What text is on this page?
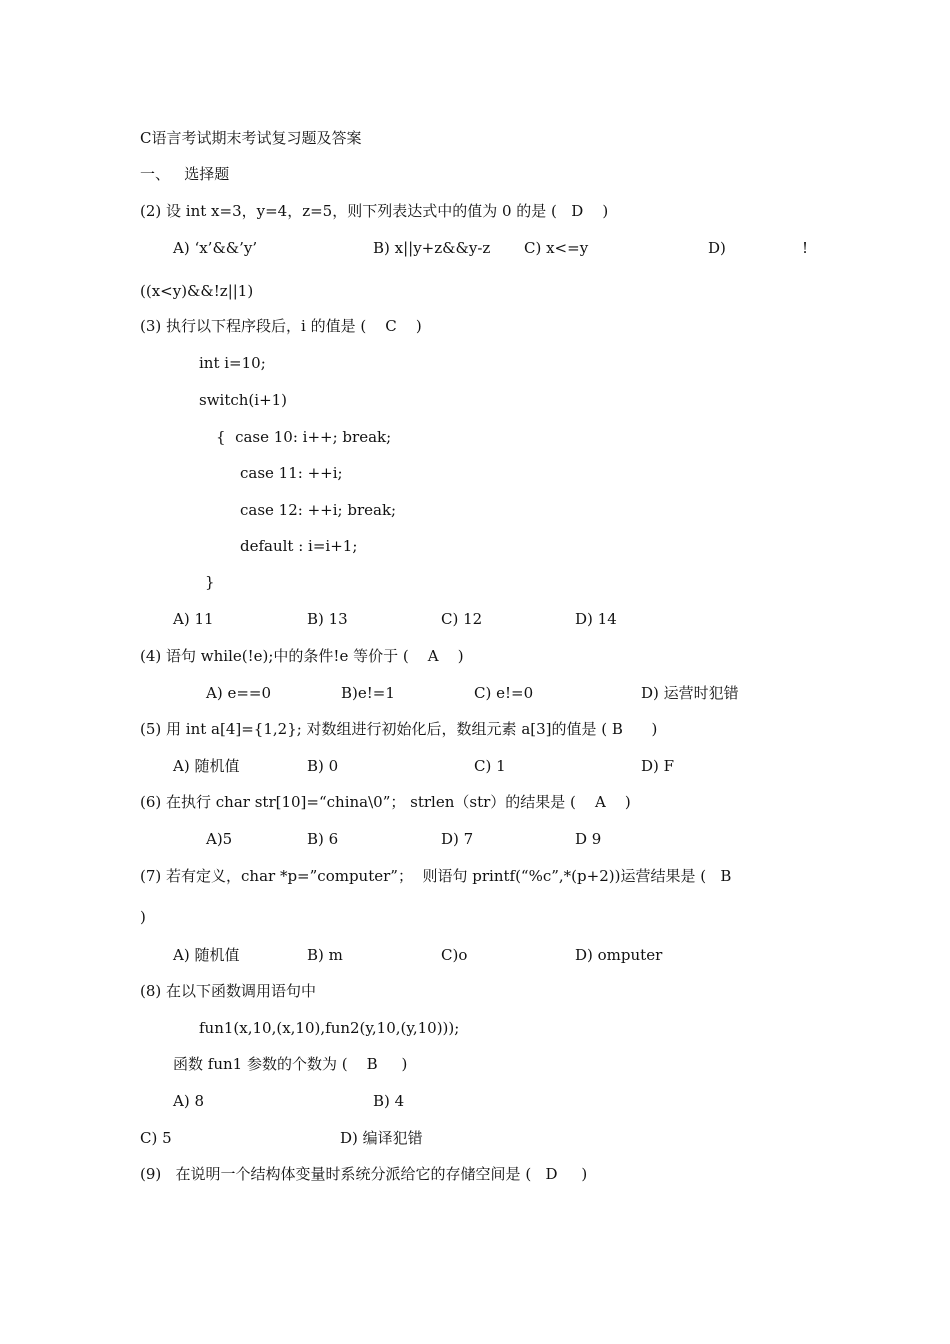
C语言考试期末考试复习题及答案
一、   选择题
(2) 设 int x=3，y=4，z=5，则下列表达式中的值为 0 的是 (   D    )
A) ‘x’&&’y’	B) x||y+z&&y-z C) x<=y	D)	!
((x<y)&&!z||1)
(3) 执行以下程序段后，i 的值是 (    C    )
int i=10;
switch(i+1)
{  case 10: i++; break;
case 11: ++i;
case 12: ++i; break;
default : i=i+1;
}
A) 11	B) 13	C) 12	D) 14
(4) 语句 while(!e);中的条件!e 等价于 (    A    )
A) e==0	B)e!=1	C) e!=0	D) 运营时犯错
(5) 用 int a[4]={1,2}; 对数组进行初始化后，数组元素 a[3]的值是 ( B      )
A) 随机值	B) 0	C) 1	D) F
(6) 在执行 char str[10]=“china\0”； strlen（str）的结果是 (    A    )
A)5	B) 6	D) 7	D 9
(7) 若有定义，char *p=”computer”；  则语句 printf(“%c”,*(p+2))运营结果是 (   B
)
A) 随机值	B) m	C)o	D) omputer
(8) 在以下函数调用语句中
fun1(x,10,(x,10),fun2(y,10,(y,10)));
函数 fun1 参数的个数为 (    B     )
A) 8	B) 4
C) 5	D) 编译犯错
(9)   在说明一个结构体变量时系统分派给它的存储空间是 (   D     )
